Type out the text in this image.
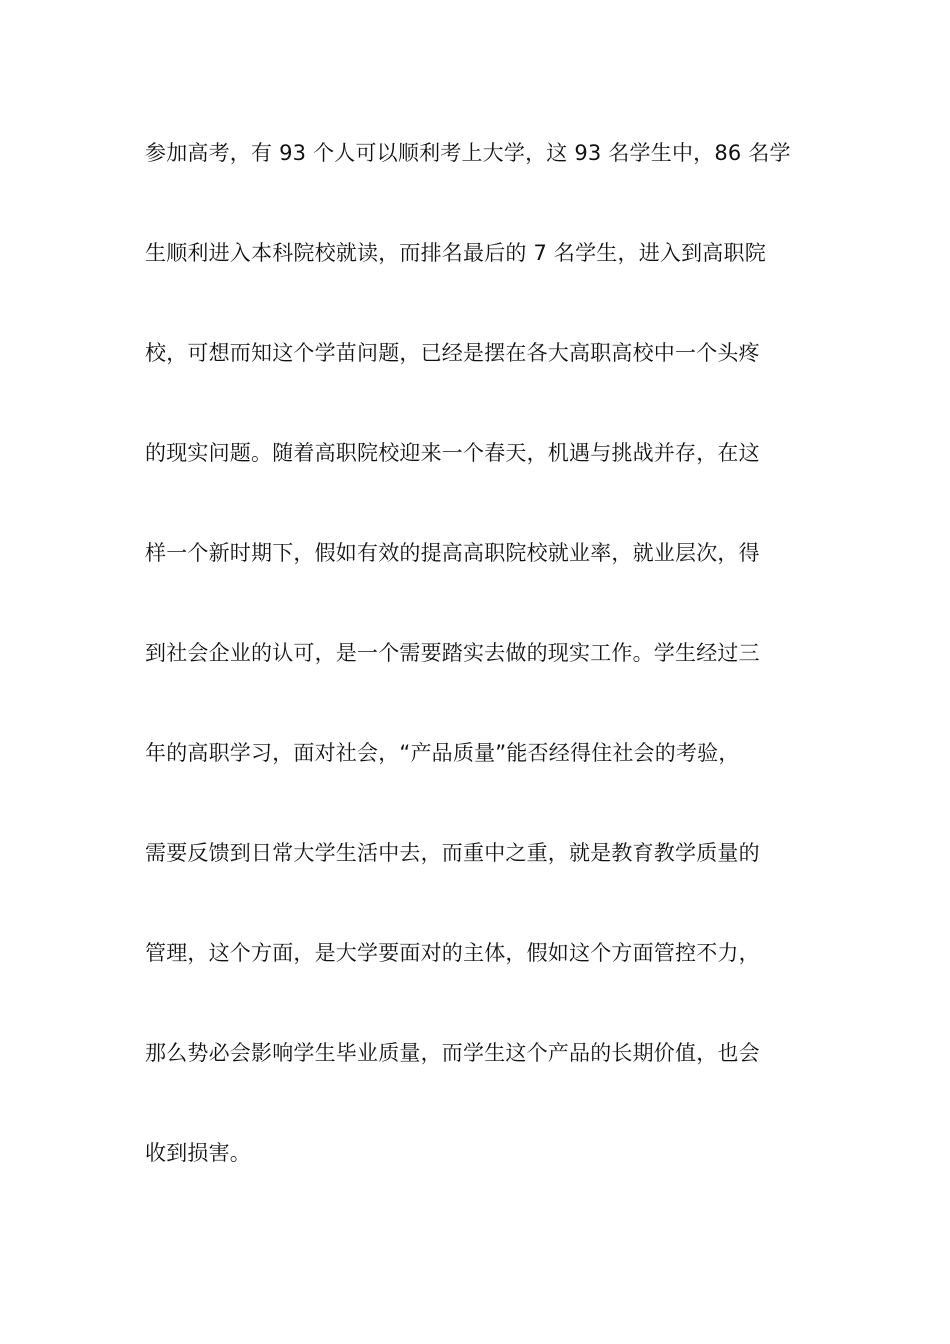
参加高考，有 93 个人可以顺利考上大学，这 93 名学生中，86 名学
生顺利进入本科院校就读，而排名最后的 7 名学生，进入到高职院
校，可想而知这个学苗问题，已经是摆在各大高职高校中一个头疼
的现实问题。随着高职院校迎来一个春天，机遇与挑战并存，在这
样一个新时期下，假如有效的提高高职院校就业率，就业层次，得
到社会企业的认可，是一个需要踏实去做的现实工作。学生经过三
年的高职学习，面对社会，“产品质量”能否经得住社会的考验，
需要反馈到日常大学生活中去，而重中之重，就是教育教学质量的
管理，这个方面，是大学要面对的主体，假如这个方面管控不力，
那么势必会影响学生毕业质量，而学生这个产品的长期价值，也会
收到损害。
